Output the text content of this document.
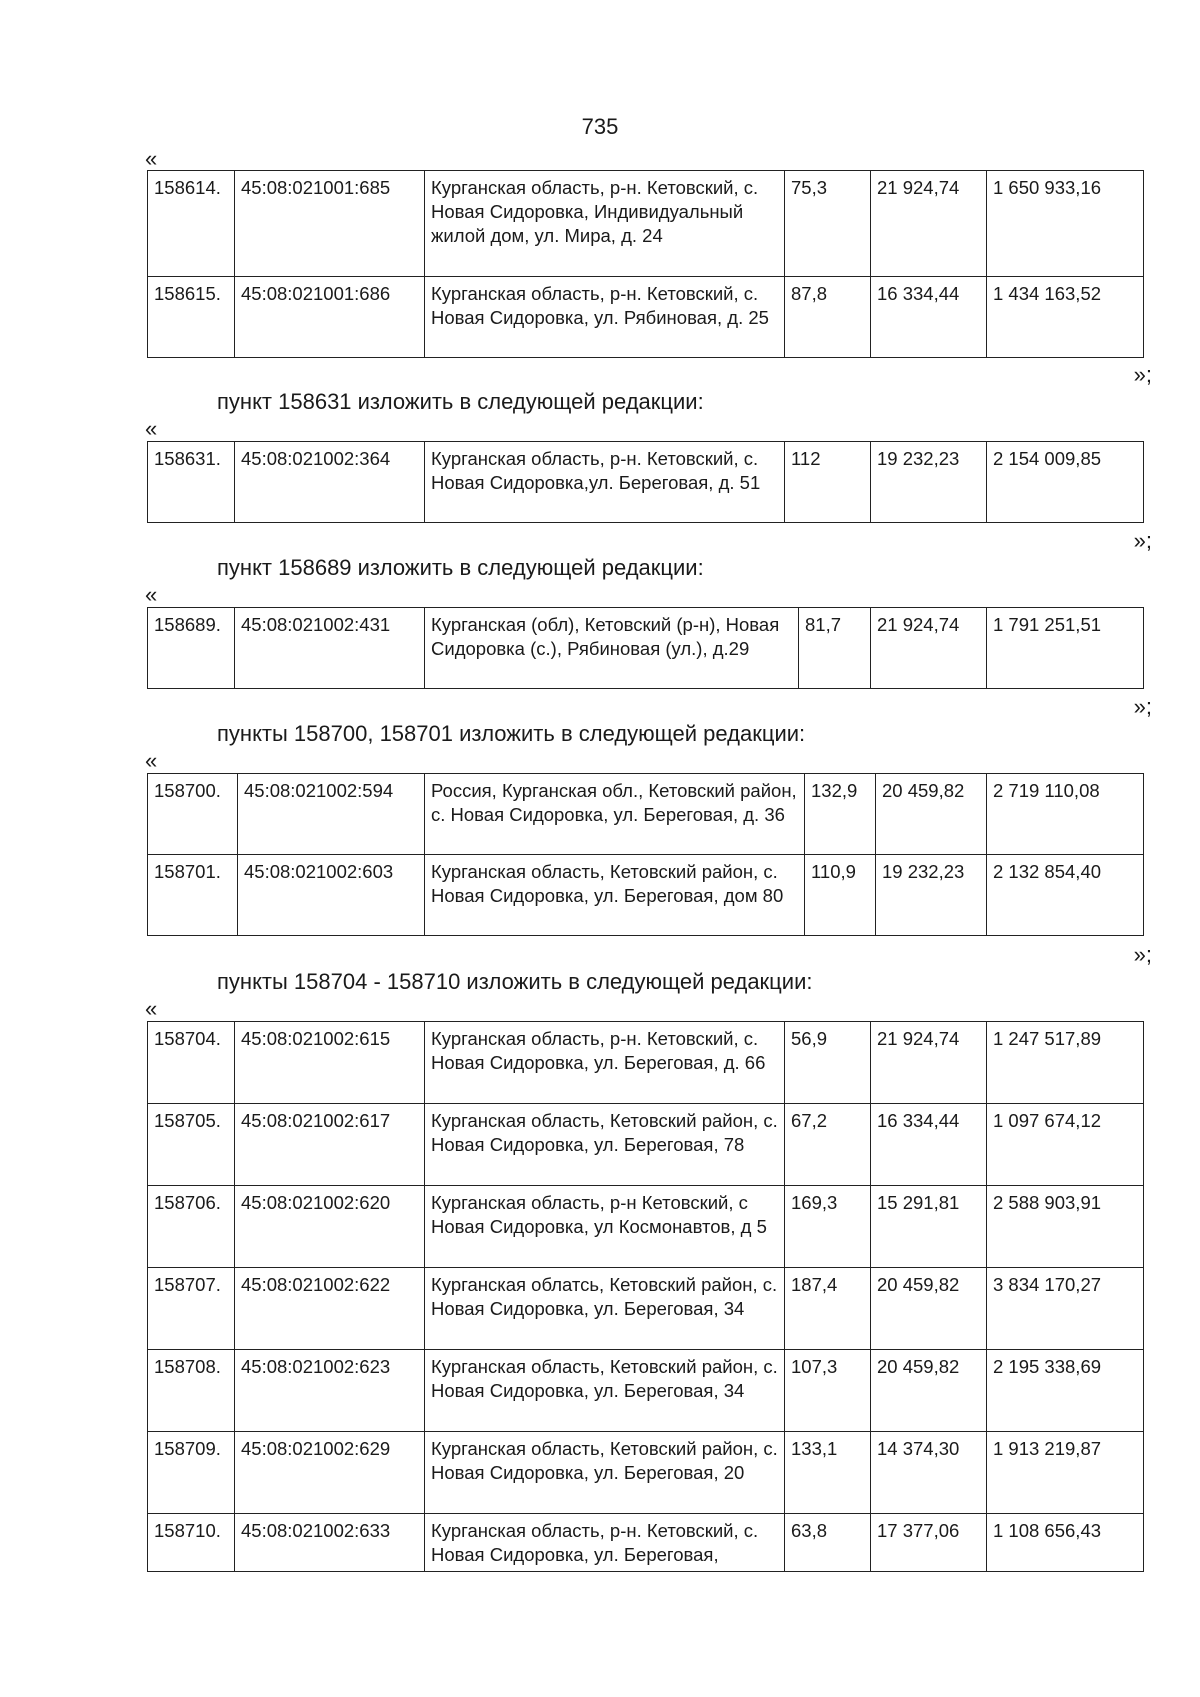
735
«
158614.	45:08:021001:685	Курганская область, р-н. Кетовский, с. Новая Сидоровка, Индивидуальный жилой дом, ул. Мира, д. 24	75,3	21 924,74	1 650 933,16
158615.	45:08:021001:686	Курганская область, р-н. Кетовский, с. Новая Сидоровка, ул. Рябиновая, д. 25	87,8	16 334,44	1 434 163,52
»;
пункт 158631 изложить в следующей редакции:
«
158631.	45:08:021002:364	Курганская область, р-н. Кетовский, с. Новая Сидоровка,ул. Береговая, д. 51	112	19 232,23	2 154 009,85
»;
пункт 158689 изложить в следующей редакции:
«
158689.	45:08:021002:431	Курганская (обл), Кетовский (р-н), Новая Сидоровка (с.), Рябиновая (ул.), д.29	81,7	21 924,74	1 791 251,51
»;
пункты 158700, 158701 изложить в следующей редакции:
«
158700.	45:08:021002:594	Россия, Курганская обл., Кетовский район, с. Новая Сидоровка, ул. Береговая, д. 36	132,9	20 459,82	2 719 110,08
158701.	45:08:021002:603	Курганская область, Кетовский район, с. Новая Сидоровка, ул. Береговая, дом 80	110,9	19 232,23	2 132 854,40
»;
пункты 158704 - 158710 изложить в следующей редакции:
«
158704.	45:08:021002:615	Курганская область, р-н. Кетовский, с. Новая Сидоровка, ул. Береговая, д. 66	56,9	21 924,74	1 247 517,89
158705.	45:08:021002:617	Курганская область, Кетовский район, с. Новая Сидоровка, ул. Береговая, 78	67,2	16 334,44	1 097 674,12
158706.	45:08:021002:620	Курганская область, р-н Кетовский, с Новая Сидоровка, ул Космонавтов, д 5	169,3	15 291,81	2 588 903,91
158707.	45:08:021002:622	Курганская облатсь, Кетовский район, с. Новая Сидоровка, ул. Береговая, 34	187,4	20 459,82	3 834 170,27
158708.	45:08:021002:623	Курганская область, Кетовский район, с. Новая Сидоровка, ул. Береговая, 34	107,3	20 459,82	2 195 338,69
158709.	45:08:021002:629	Курганская область, Кетовский район, с. Новая Сидоровка, ул. Береговая, 20	133,1	14 374,30	1 913 219,87
158710.	45:08:021002:633	Курганская область, р-н. Кетовский, с. Новая Сидоровка, ул. Береговая,	63,8	17 377,06	1 108 656,43
